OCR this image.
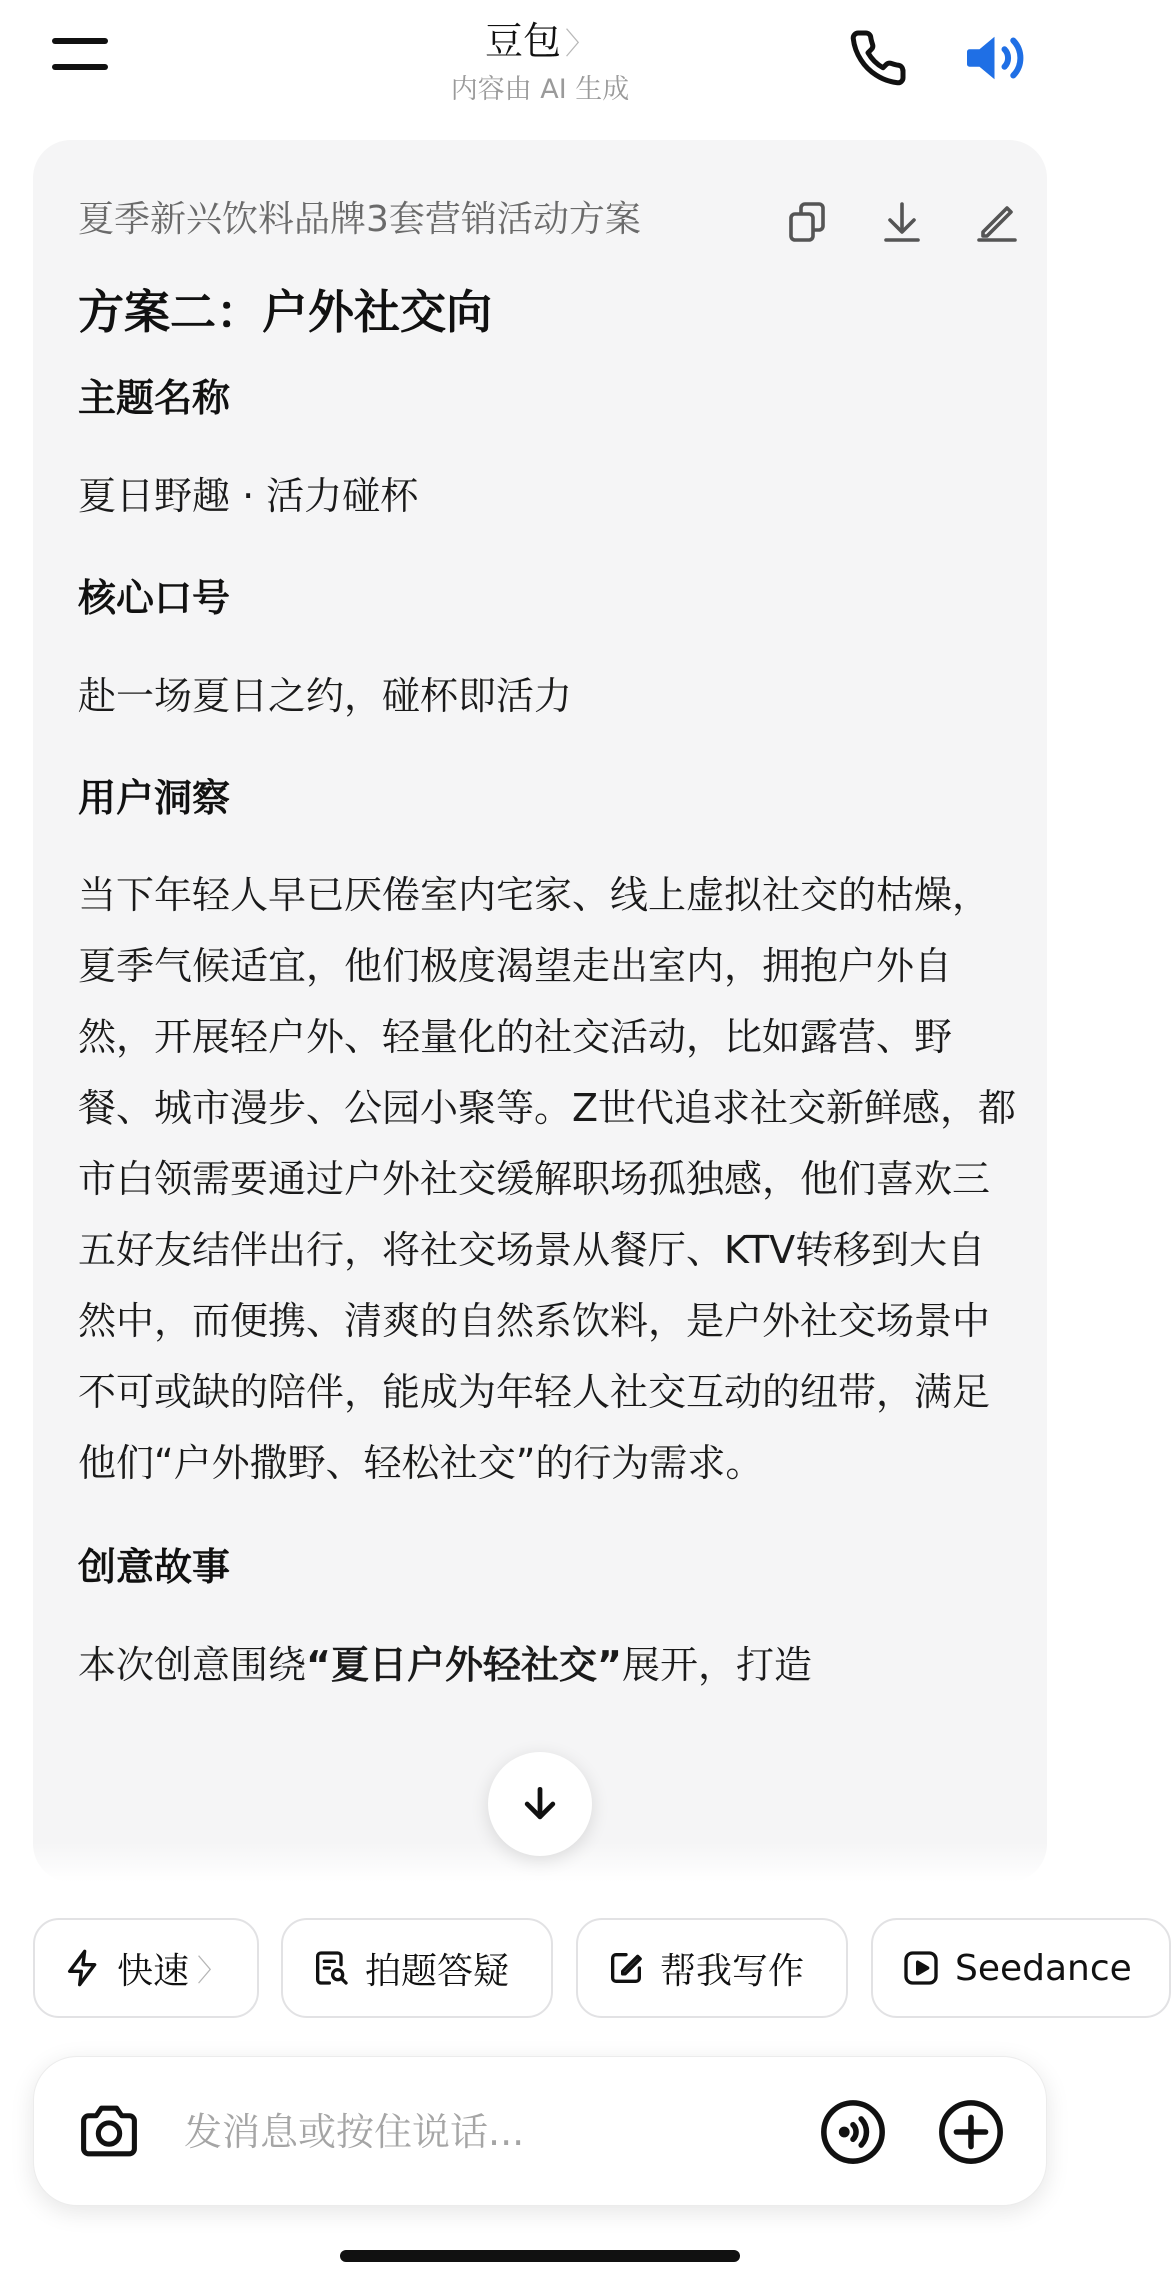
豆包 〉
内容由 AI 生成
夏季新兴饮料品牌3套营销活动方案
方案二：户外社交向
主题名称
夏日野趣 · 活力碰杯
核心口号
赴一场夏日之约，碰杯即活力
用户洞察
当下年轻人早已厌倦室内宅家、线上虚拟社交的枯燥，夏季气候适宜，他们极度渴望走出室内，拥抱户外自然，开展轻户外、轻量化的社交活动，比如露营、野餐、城市漫步、公园小聚等。Z世代追求社交新鲜感，都市白领需要通过户外社交缓解职场孤独感，他们喜欢三五好友结伴出行，将社交场景从餐厅、KTV转移到大自然中，而便携、清爽的自然系饮料，是户外社交场景中不可或缺的陪伴，能成为年轻人社交互动的纽带，满足他们“户外撒野、轻松社交”的行为需求。
创意故事
本次创意围绕“夏日户外轻社交”展开，打造
快速 〉	拍题答疑	帮我写作	Seedance
发消息或按住说话...
